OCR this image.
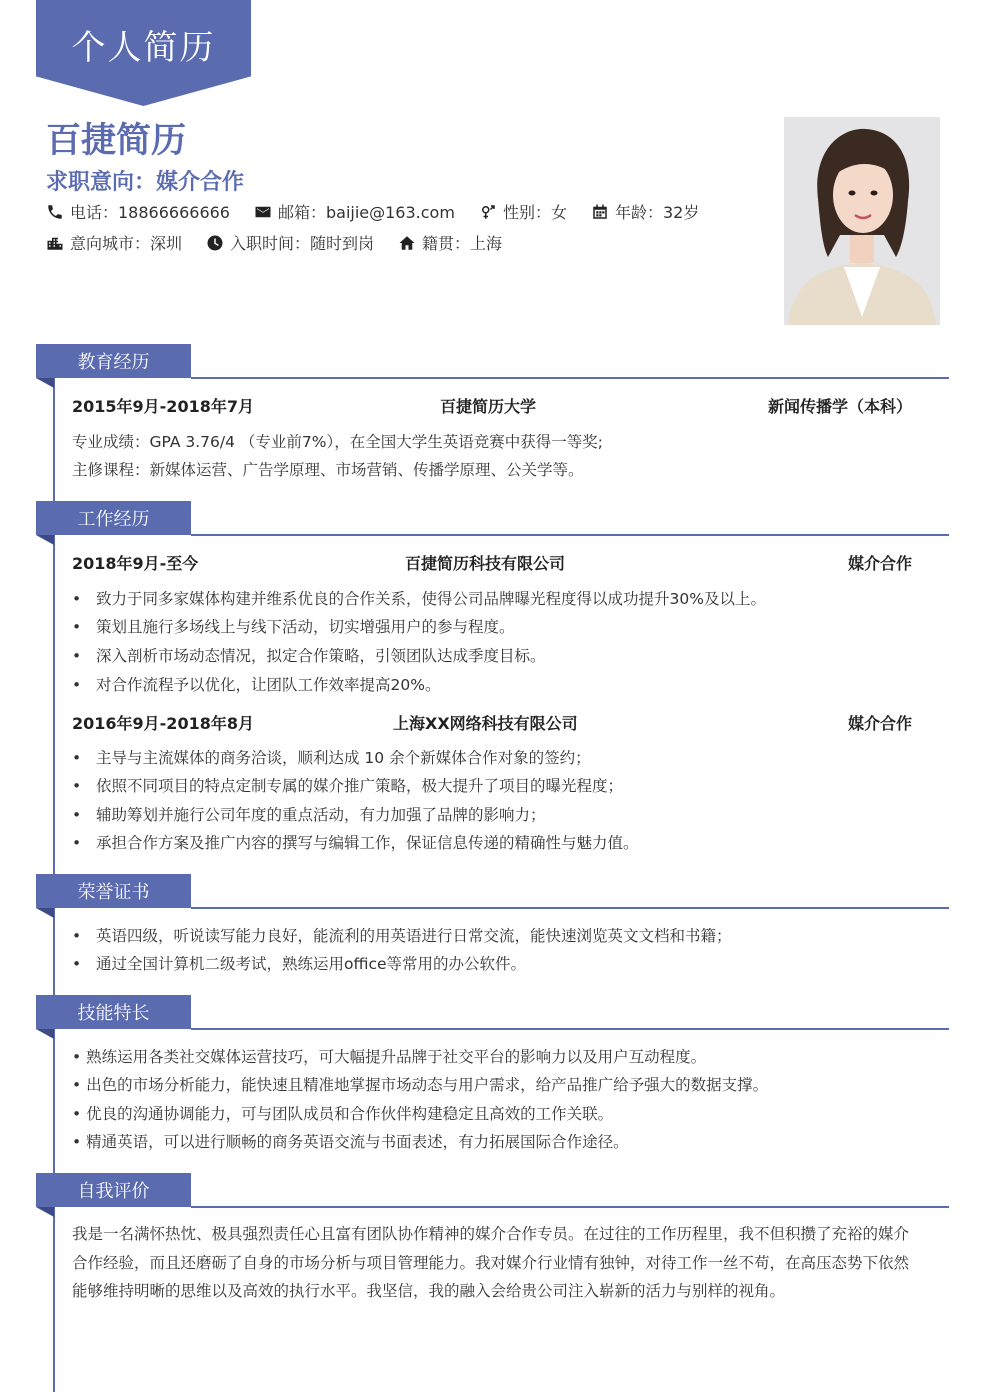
个人简历
百捷简历
求职意向：媒介合作
电话：18866666666	邮箱：baijie@163.com	性别：女	年龄：32岁
意向城市：深圳	入职时间：随时到岗	籍贯：上海
教育经历
2015年9月-2018年7月	百捷简历大学	新闻传播学（本科）
专业成绩：GPA 3.76/4 （专业前7%），在全国大学生英语竞赛中获得一等奖;
主修课程：新媒体运营、广告学原理、市场营销、传播学原理、公关学等。
工作经历
2018年9月-至今	百捷简历科技有限公司	媒介合作
• 致力于同多家媒体构建并维系优良的合作关系，使得公司品牌曝光程度得以成功提升30%及以上。
• 策划且施行多场线上与线下活动，切实增强用户的参与程度。
• 深入剖析市场动态情况，拟定合作策略，引领团队达成季度目标。
• 对合作流程予以优化，让团队工作效率提高20%。
2016年9月-2018年8月	上海XX网络科技有限公司	媒介合作
• 主导与主流媒体的商务洽谈，顺利达成 10 余个新媒体合作对象的签约；
• 依照不同项目的特点定制专属的媒介推广策略，极大提升了项目的曝光程度；
• 辅助筹划并施行公司年度的重点活动，有力加强了品牌的影响力；
• 承担合作方案及推广内容的撰写与编辑工作，保证信息传递的精确性与魅力值。
荣誉证书
• 英语四级，听说读写能力良好，能流利的用英语进行日常交流，能快速浏览英文文档和书籍；
• 通过全国计算机二级考试，熟练运用office等常用的办公软件。
技能特长
• 熟练运用各类社交媒体运营技巧，可大幅提升品牌于社交平台的影响力以及用户互动程度。
• 出色的市场分析能力，能快速且精准地掌握市场动态与用户需求，给产品推广给予强大的数据支撑。
• 优良的沟通协调能力，可与团队成员和合作伙伴构建稳定且高效的工作关联。
• 精通英语，可以进行顺畅的商务英语交流与书面表述，有力拓展国际合作途径。
自我评价
我是一名满怀热忱、极具强烈责任心且富有团队协作精神的媒介合作专员。在过往的工作历程里，我不但积攒了充裕的媒介合作经验，而且还磨砺了自身的市场分析与项目管理能力。我对媒介行业情有独钟，对待工作一丝不苟，在高压态势下依然能够维持明晰的思维以及高效的执行水平。我坚信，我的融入会给贵公司注入崭新的活力与别样的视角。
